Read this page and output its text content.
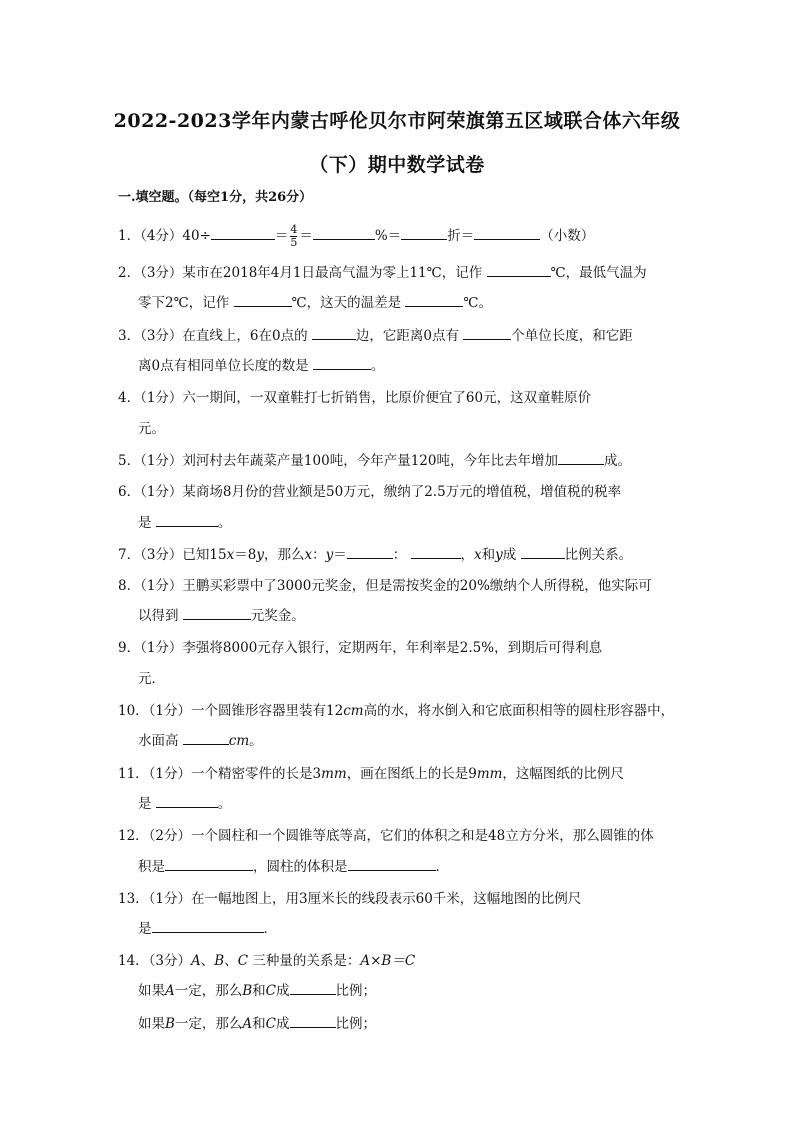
2022-2023学年内蒙古呼伦贝尔市阿荣旗第五区域联合体六年级
（下）期中数学试卷
一.填空题。（每空1分，共26分）
1．（4分）40÷	＝ $\frac{4}{5}$ ＝	%＝	折＝	（小数）
2．（3分）某市在2018年4月1日最高气温为零上11℃，记作	℃，最低气温为
零下2℃，记作	℃，这天的温差是	℃。
3．（3分）在直线上，6在0点的	边，它距离0点有	个单位长度，和它距
离0点有相同单位长度的数是	。
4．（1分）六一期间，一双童鞋打七折销售，比原价便宜了60元，这双童鞋原价
元。
5．（1分）刘河村去年蔬菜产量100吨，今年产量120吨，今年比去年增加	成。
6．（1分）某商场8月份的营业额是50万元，缴纳了2.5万元的增值税，增值税的税率
是	。
7．（3分）已知15x＝8y，那么x：y＝	：	，x和y成	比例关系。
8．（1分）王鹏买彩票中了3000元奖金，但是需按奖金的20%缴纳个人所得税，他实际可
以得到	元奖金。
9．（1分）李强将8000元存入银行，定期两年，年利率是2.5%，到期后可得利息
元．
10．（1分）一个圆锥形容器里装有12cm高的水，将水倒入和它底面积相等的圆柱形容器中，
水面高	cm。
11．（1分）一个精密零件的长是3mm，画在图纸上的长是9mm，这幅图纸的比例尺
是	。
12．（2分）一个圆柱和一个圆锥等底等高，它们的体积之和是48立方分米，那么圆锥的体
积是	，圆柱的体积是	．
13．（1分）在一幅地图上，用3厘米长的线段表示60千米，这幅地图的比例尺
是	．
14．（3分）A、B、C 三种量的关系是：A×B＝C
如果A一定，那么B和C成	比例；
如果B一定，那么A和C成	比例；
